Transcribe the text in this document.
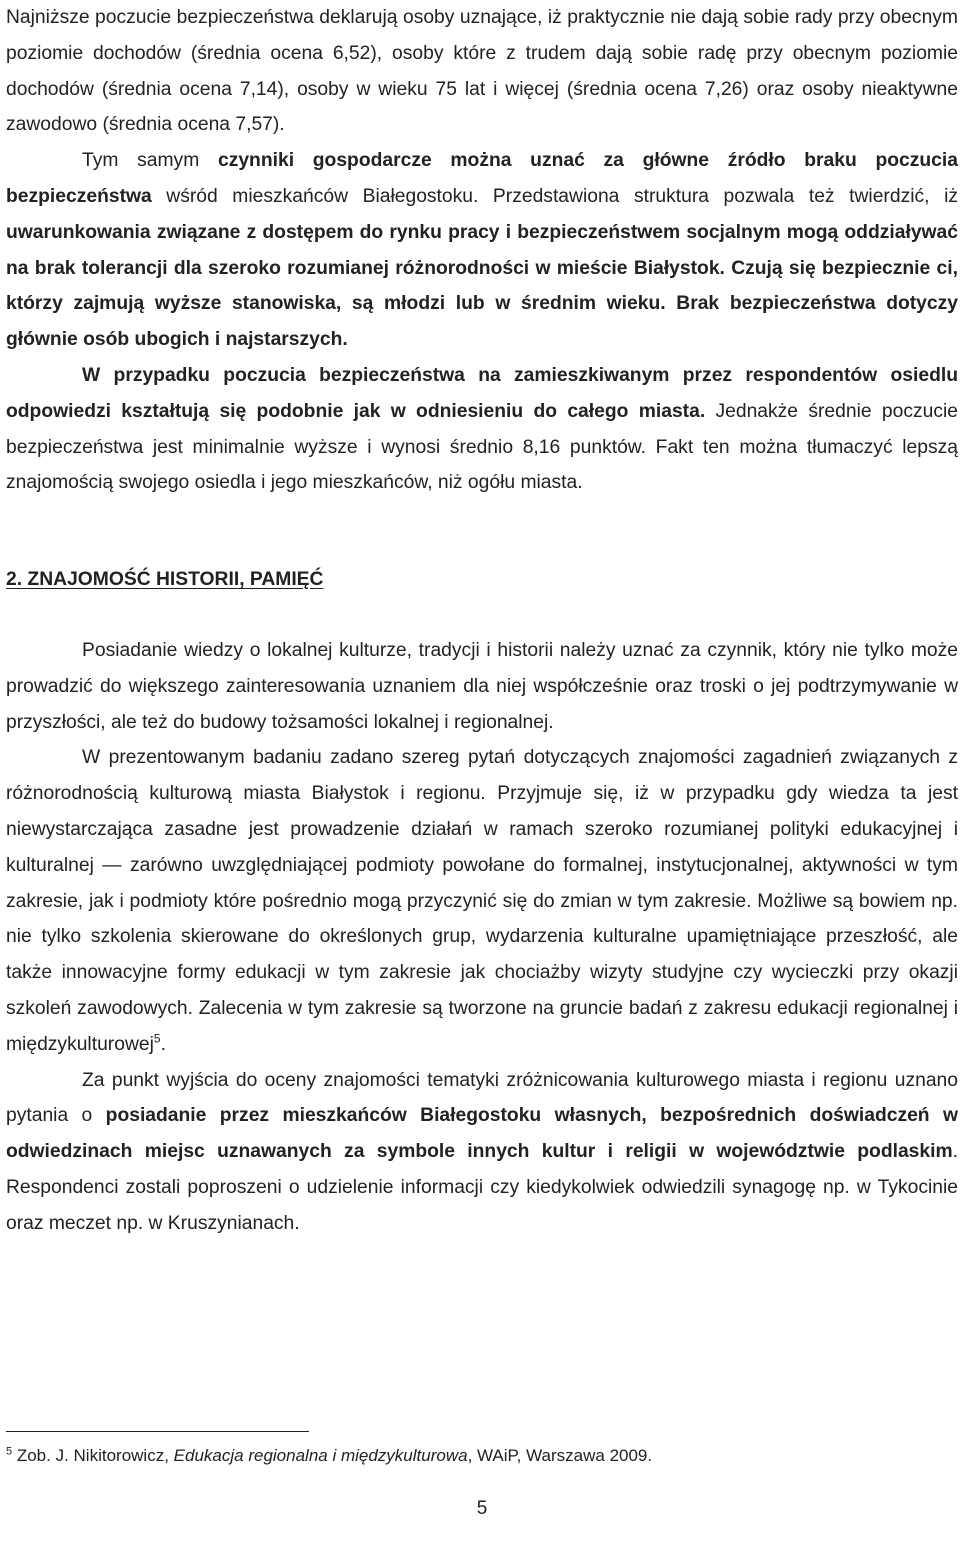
Najniższe poczucie bezpieczeństwa deklarują osoby uznające, iż praktycznie nie dają sobie rady przy obecnym poziomie dochodów (średnia ocena 6,52), osoby które z trudem dają sobie radę przy obecnym poziomie dochodów (średnia ocena 7,14), osoby w wieku 75 lat i więcej (średnia ocena 7,26) oraz osoby nieaktywne zawodowo (średnia ocena 7,57).

Tym samym czynniki gospodarcze można uznać za główne źródło braku poczucia bezpieczeństwa wśród mieszkańców Białegostoku. Przedstawiona struktura pozwala też twierdzić, iż uwarunkowania związane z dostępem do rynku pracy i bezpieczeństwem socjalnym mogą oddziaływać na brak tolerancji dla szeroko rozumianej różnorodności w mieście Białystok. Czują się bezpiecznie ci, którzy zajmują wyższe stanowiska, są młodzi lub w średnim wieku. Brak bezpieczeństwa dotyczy głównie osób ubogich i najstarszych.

W przypadku poczucia bezpieczeństwa na zamieszkiwanym przez respondentów osiedlu odpowiedzi kształtują się podobnie jak w odniesieniu do całego miasta. Jednakże średnie poczucie bezpieczeństwa jest minimalnie wyższe i wynosi średnio 8,16 punktów. Fakt ten można tłumaczyć lepszą znajomością swojego osiedla i jego mieszkańców, niż ogółu miasta.

2. ZNAJOMOŚĆ HISTORII, PAMIĘĆ

Posiadanie wiedzy o lokalnej kulturze, tradycji i historii należy uznać za czynnik, który nie tylko może prowadzić do większego zainteresowania uznaniem dla niej współcześnie oraz troski o jej podtrzymywanie w przyszłości, ale też do budowy tożsamości lokalnej i regionalnej.

W prezentowanym badaniu zadano szereg pytań dotyczących znajomości zagadnień związanych z różnorodnością kulturową miasta Białystok i regionu. Przyjmuje się, iż w przypadku gdy wiedza ta jest niewystarczająca zasadne jest prowadzenie działań w ramach szeroko rozumianej polityki edukacyjnej i kulturalnej — zarówno uwzględniającej podmioty powołane do formalnej, instytucjonalnej, aktywności w tym zakresie, jak i podmioty które pośrednio mogą przyczynić się do zmian w tym zakresie. Możliwe są bowiem np. nie tylko szkolenia skierowane do określonych grup, wydarzenia kulturalne upamiętniające przeszłość, ale także innowacyjne formy edukacji w tym zakresie jak chociażby wizyty studyjne czy wycieczki przy okazji szkoleń zawodowych. Zalecenia w tym zakresie są tworzone na gruncie badań z zakresu edukacji regionalnej i międzykulturowej$^5$.

Za punkt wyjścia do oceny znajomości tematyki zróżnicowania kulturowego miasta i regionu uznano pytania o posiadanie przez mieszkańców Białegostoku własnych, bezpośrednich doświadczeń w odwiedzinach miejsc uznawanych za symbole innych kultur i religii w województwie podlaskim. Respondenci zostali poproszeni o udzielenie informacji czy kiedykolwiek odwiedzili synagogę np. w Tykocinie oraz meczet np. w Kruszynianach.

$^5$ Zob. J. Nikitorowicz, Edukacja regionalna i międzykulturowa, WAiP, Warszawa 2009.
5
